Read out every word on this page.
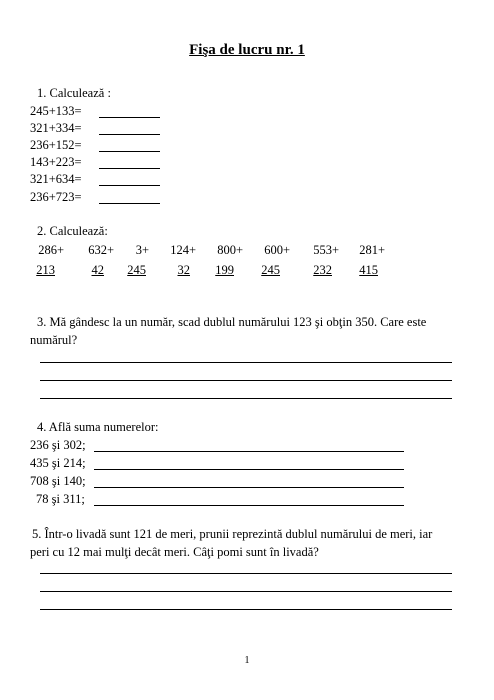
Fişa de lucru nr. 1
1. Calculează :
245+133=
321+334=
236+152=
143+223=
321+634=
236+723=
2. Calculează:
286+
213
632+
42
3+
245
124+
32
800+
199
600+
245
553+
232
281+
415
3. Mă gândesc la un număr, scad dublul numărului 123 şi obţin 350. Care este
numărul?
4. Află suma numerelor:
236 şi 302;
435 şi 214;
708 şi 140;
78 şi 311;
5. Într-o livadă sunt 121 de meri, prunii reprezintă dublul numărului de meri, iar
peri cu 12 mai mulţi decât meri. Câţi pomi sunt în livadă?
1
